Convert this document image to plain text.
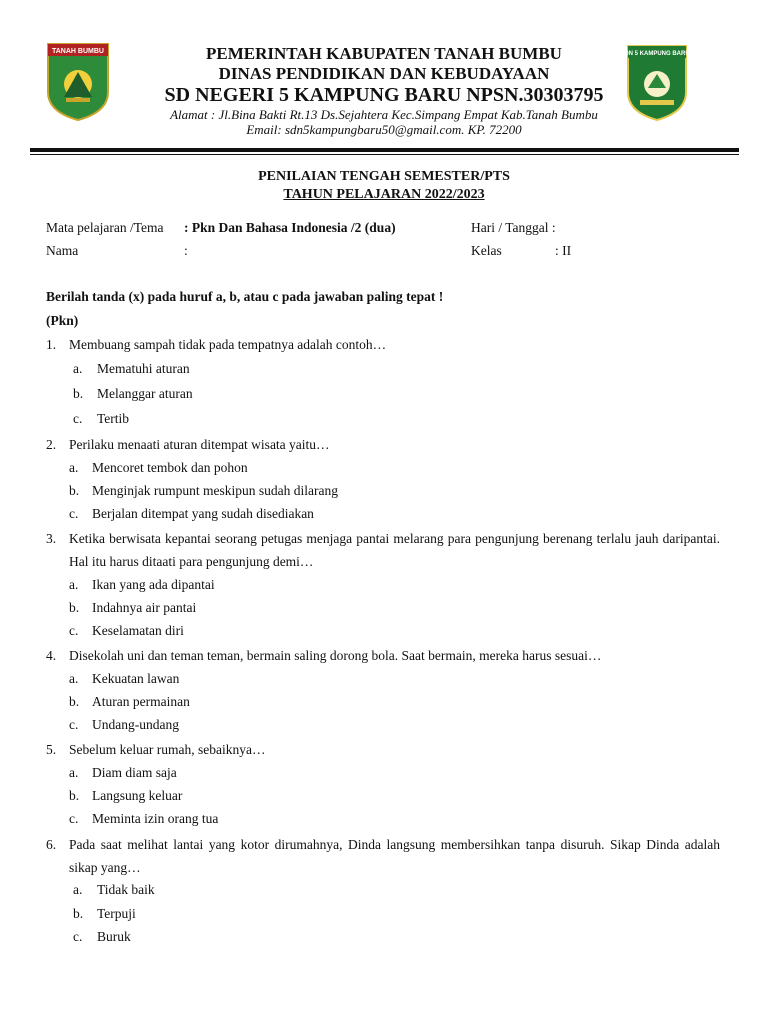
TANAH BUMBU	DN 5 KAMPUNG BARU
PEMERINTAH KABUPATEN TANAH BUMBU
DINAS PENDIDIKAN DAN KEBUDAYAAN
SD NEGERI 5 KAMPUNG BARU NPSN.30303795
Alamat : Jl.Bina Bakti Rt.13 Ds.Sejahtera Kec.Simpang Empat Kab.Tanah Bumbu
Email: sdn5kampungbaru50@gmail.com. KP. 72200
PENILAIAN TENGAH SEMESTER/PTS
TAHUN PELAJARAN 2022/2023
Mata pelajaran /Tema : Pkn Dan Bahasa Indonesia /2 (dua)	Hari / Tanggal :
Nama	:	Kelas	: II
Berilah tanda (x) pada huruf a, b, atau c pada jawaban paling tepat !
(Pkn)
1. Membuang sampah tidak pada tempatnya adalah contoh…
a. Mematuhi aturan
b. Melanggar aturan
c. Tertib
2. Perilaku menaati aturan ditempat wisata yaitu…
a. Mencoret tembok dan pohon
b. Menginjak rumpunt meskipun sudah dilarang
c. Berjalan ditempat yang sudah disediakan
3. Ketika berwisata kepantai seorang petugas menjaga pantai melarang para pengunjung berenang terlalu jauh daripantai. Hal itu harus ditaati para pengunjung demi…
a. Ikan yang ada dipantai
b. Indahnya air pantai
c. Keselamatan diri
4. Disekolah uni dan teman teman, bermain saling dorong bola. Saat bermain, mereka harus sesuai…
a. Kekuatan lawan
b. Aturan permainan
c. Undang-undang
5. Sebelum keluar rumah, sebaiknya…
a. Diam diam saja
b. Langsung keluar
c. Meminta izin orang tua
6. Pada saat melihat lantai yang kotor dirumahnya, Dinda langsung membersihkan tanpa disuruh. Sikap Dinda adalah sikap yang…
a. Tidak baik
b. Terpuji
c. Buruk
